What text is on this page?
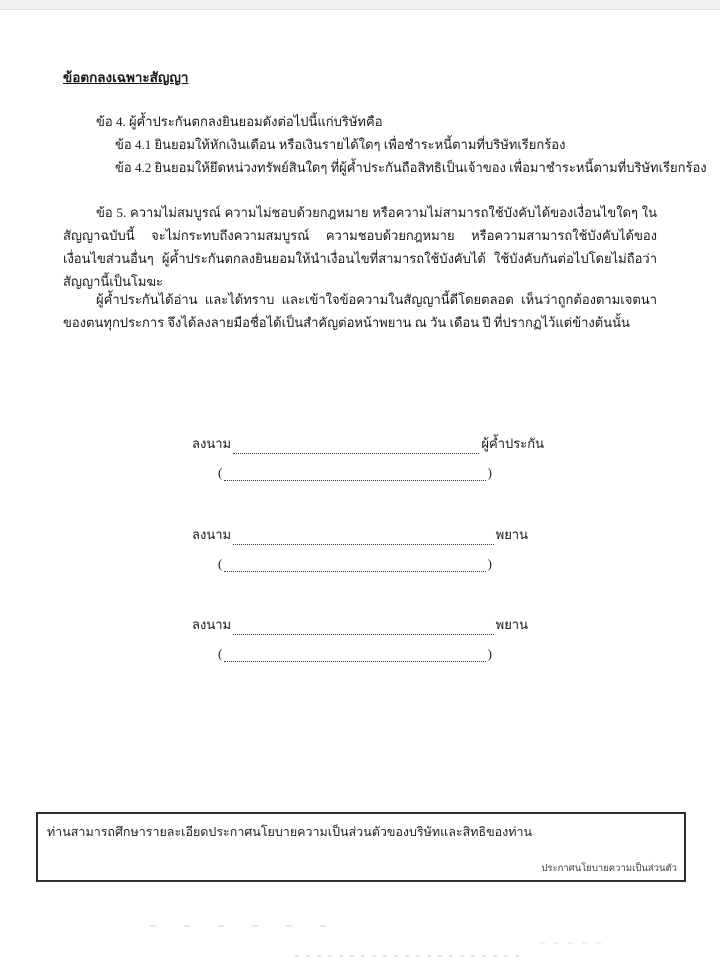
ข้อตกลงเฉพาะสัญญา

ข้อ 4. ผู้ค้ำประกันตกลงยินยอมดังต่อไปนี้แก่บริษัทคือ

ข้อ 4.1 ยินยอมให้หักเงินเดือน หรือเงินรายได้ใดๆ เพื่อชำระหนี้ตามที่บริษัทเรียกร้อง

ข้อ 4.2 ยินยอมให้ยึดหน่วงทรัพย์สินใดๆ ที่ผู้ค้ำประกันถือสิทธิเป็นเจ้าของ เพื่อมาชำระหนี้ตามที่บริษัทเรียกร้อง

ข้อ 5. ความไม่สมบูรณ์ ความไม่ชอบด้วยกฎหมาย หรือความไม่สามารถใช้บังคับได้ของเงื่อนไขใดๆ ในสัญญาฉบับนี้ จะไม่กระทบถึงความสมบูรณ์ ความชอบด้วยกฎหมาย หรือความสามารถใช้บังคับได้ของเงื่อนไขส่วนอื่นๆ ผู้ค้ำประกันตกลงยินยอมให้นำเงื่อนไขที่สามารถใช้บังคับได้ ใช้บังคับกันต่อไปโดยไม่ถือว่าสัญญานี้เป็นโมฆะ

ผู้ค้ำประกันได้อ่าน และได้ทราบ และเข้าใจข้อความในสัญญานี้ดีโดยตลอด เห็นว่าถูกต้องตามเจตนาของตนทุกประการ จึงได้ลงลายมือชื่อได้เป็นสำคัญต่อหน้าพยาน ณ วัน เดือน ปี ที่ปรากฏไว้แต่ข้างต้นนั้น

ลงนาม	ผู้ค้ำประกัน
(	)
ลงนาม	พยาน
(	)
ลงนาม	พยาน
(	)
ท่านสามารถศึกษารายละเอียดประกาศนโยบายความเป็นส่วนตัวของบริษัทและสิทธิของท่าน
ประกาศนโยบายความเป็นส่วนตัว
